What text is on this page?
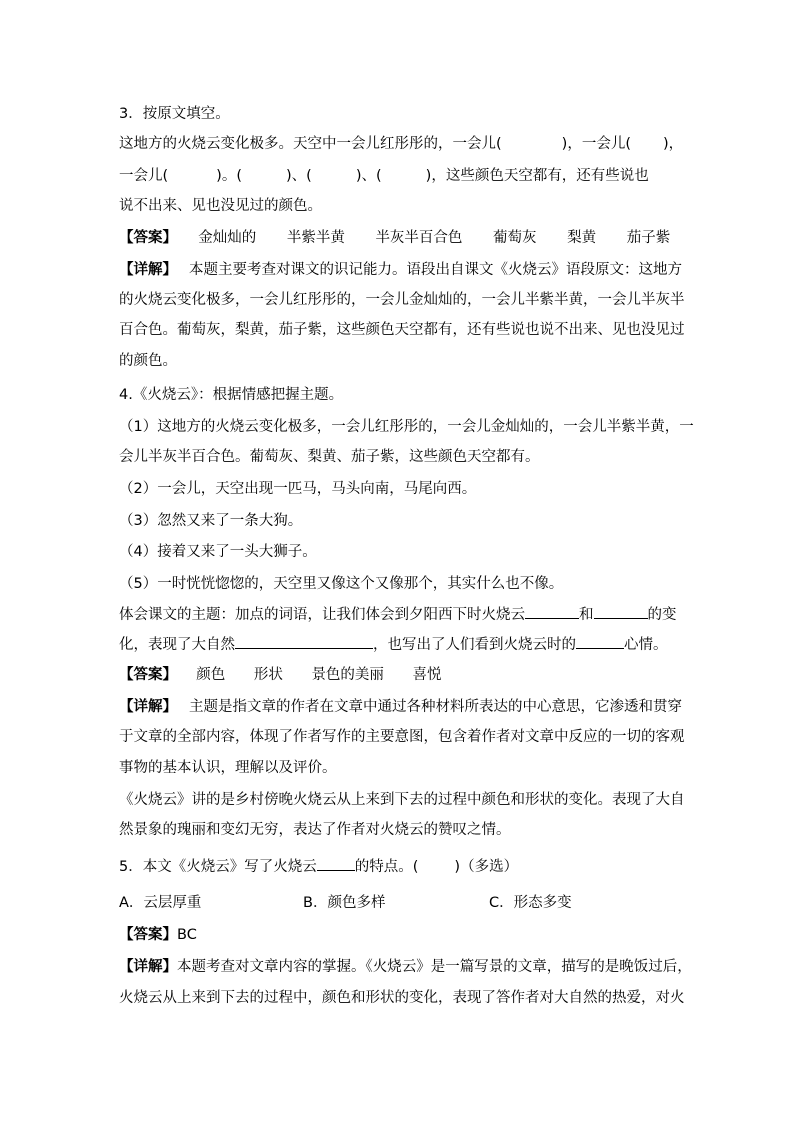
3．按原文填空。
这地方的火烧云变化极多。天空中一会儿红彤彤的，一会儿(	)，一会儿( )，
一会儿(	)。(	)、(	)、(	)，这些颜色天空都有，还有些说也
说不出来、见也没见过的颜色。
【答案】 金灿灿的 半紫半黄 半灰半百合色 葡萄灰 梨黄 茄子紫
【详解】 本题主要考查对课文的识记能力。语段出自课文《火烧云》语段原文：这地方
的火烧云变化极多，一会儿红彤彤的，一会儿金灿灿的，一会儿半紫半黄，一会儿半灰半
百合色。葡萄灰，梨黄，茄子紫，这些颜色天空都有，还有些说也说不出来、见也没见过
的颜色。
4.《火烧云》：根据情感把握主题。
（1）这地方的火烧云变化极多，一会儿红彤彤的，一会儿金灿灿的，一会儿半紫半黄，一
会儿半灰半百合色。葡萄灰、梨黄、茄子紫，这些颜色天空都有。
（2）一会儿，天空出现一匹马，马头向南，马尾向西。
（3）忽然又来了一条大狗。
（4）接着又来了一头大狮子。
（5）一时恍恍惚惚的，天空里又像这个又像那个，其实什么也不像。
体会课文的主题：加点的词语，让我们体会到夕阳西下时火烧云	和	的变
化，表现了大自然	，也写出了人们看到火烧云时的	心情。
【答案】 颜色 形状 景色的美丽 喜悦
【详解】 主题是指文章的作者在文章中通过各种材料所表达的中心意思，它渗透和贯穿
于文章的全部内容，体现了作者写作的主要意图，包含着作者对文章中反应的一切的客观
事物的基本认识，理解以及评价。
《火烧云》讲的是乡村傍晚火烧云从上来到下去的过程中颜色和形状的变化。表现了大自
然景象的瑰丽和变幻无穷，表达了作者对火烧云的赞叹之情。
5．本文《火烧云》写了火烧云	的特点。( )（多选）
A．云层厚重	B．颜色多样	C．形态多变
【答案】BC
【详解】本题考查对文章内容的掌握。《火烧云》是一篇写景的文章，描写的是晚饭过后，
火烧云从上来到下去的过程中，颜色和形状的变化，表现了答作者对大自然的热爱，对火
